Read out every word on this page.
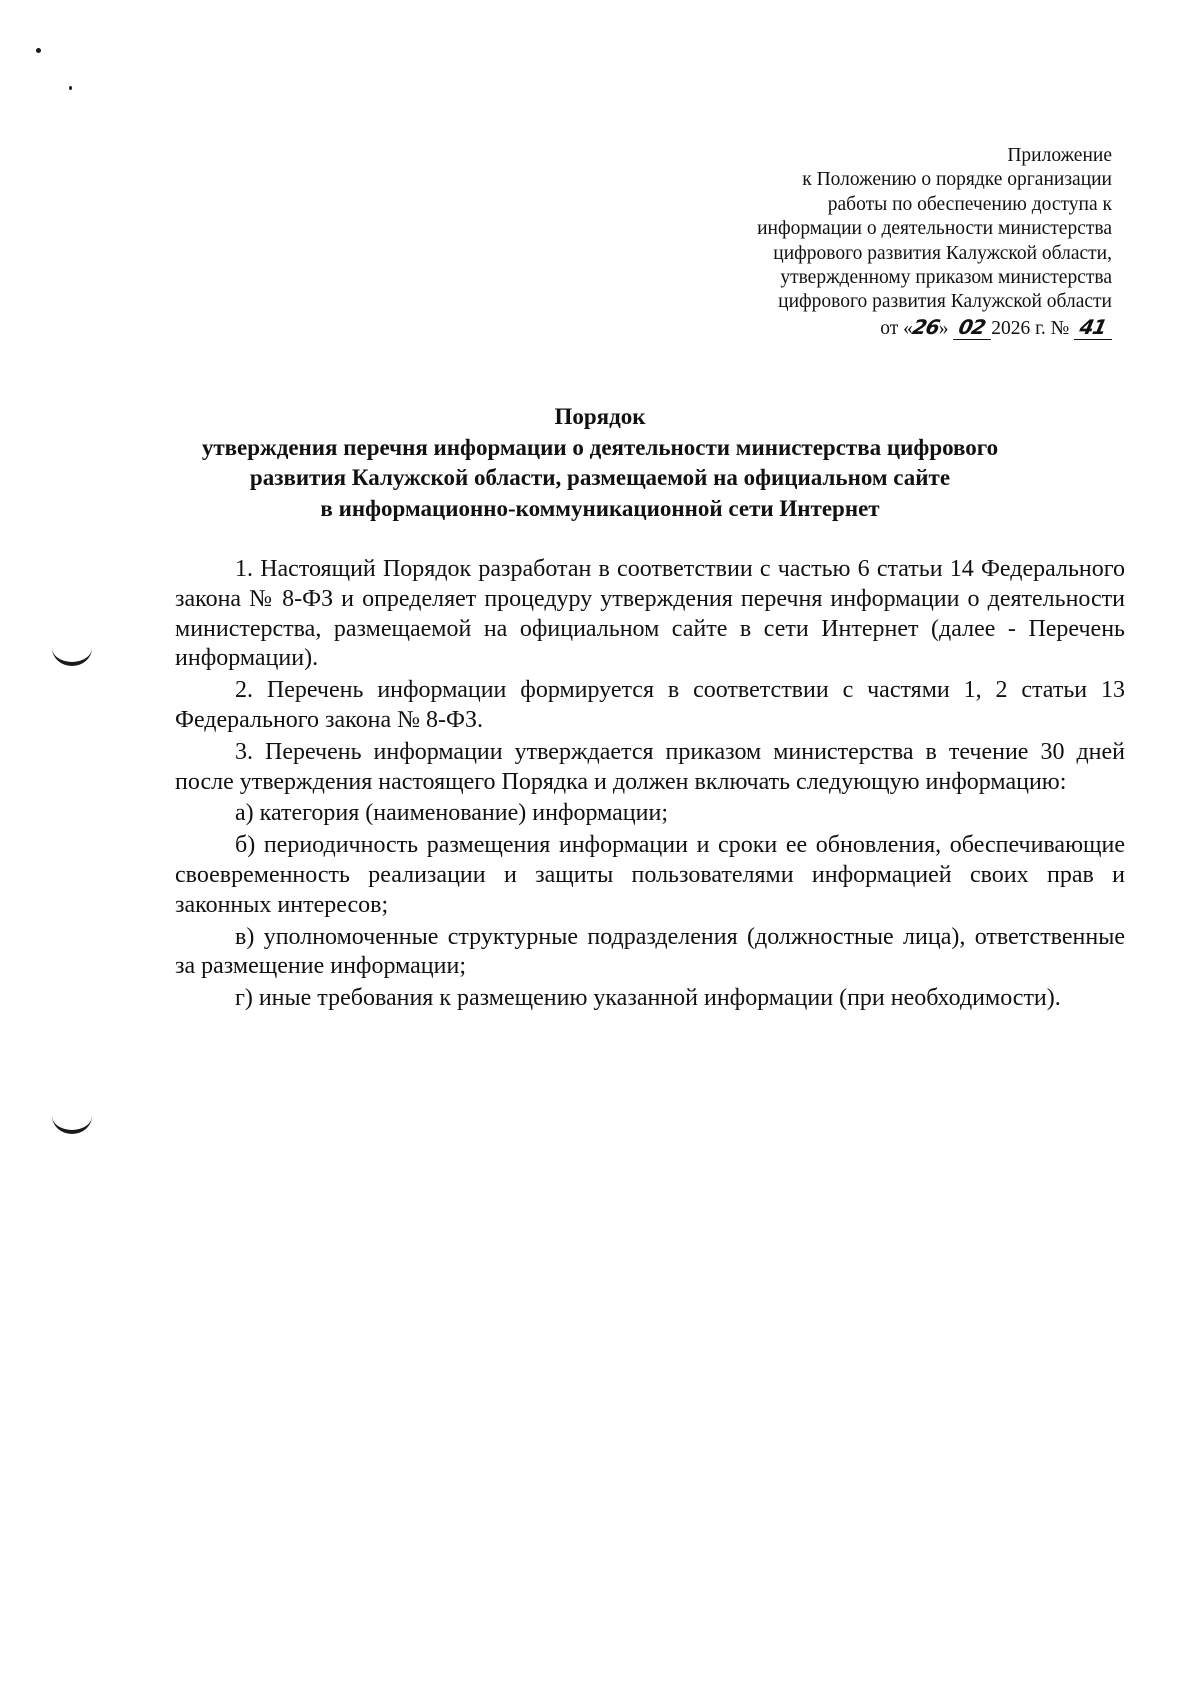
Приложение
к Положению о порядке организации
работы по обеспечению доступа к
информации о деятельности министерства
цифрового развития Калужской области,
утвержденному приказом министерства
цифрового развития Калужской области
от «26» 02 2026 г. № 41
Порядок
утверждения перечня информации о деятельности министерства цифрового
развития Калужской области, размещаемой на официальном сайте
в информационно-коммуникационной сети Интернет

1. Настоящий Порядок разработан в соответствии с частью 6 статьи 14 Федерального закона № 8-ФЗ и определяет процедуру утверждения перечня информации о деятельности министерства, размещаемой на официальном сайте в сети Интернет (далее - Перечень информации).

2. Перечень информации формируется в соответствии с частями 1, 2 статьи 13 Федерального закона № 8-ФЗ.

3. Перечень информации утверждается приказом министерства в течение 30 дней после утверждения настоящего Порядка и должен включать следующую информацию:

а) категория (наименование) информации;

б) периодичность размещения информации и сроки ее обновления, обеспечивающие своевременность реализации и защиты пользователями информацией своих прав и законных интересов;

в) уполномоченные структурные подразделения (должностные лица), ответственные за размещение информации;

г) иные требования к размещению указанной информации (при необходимости).
